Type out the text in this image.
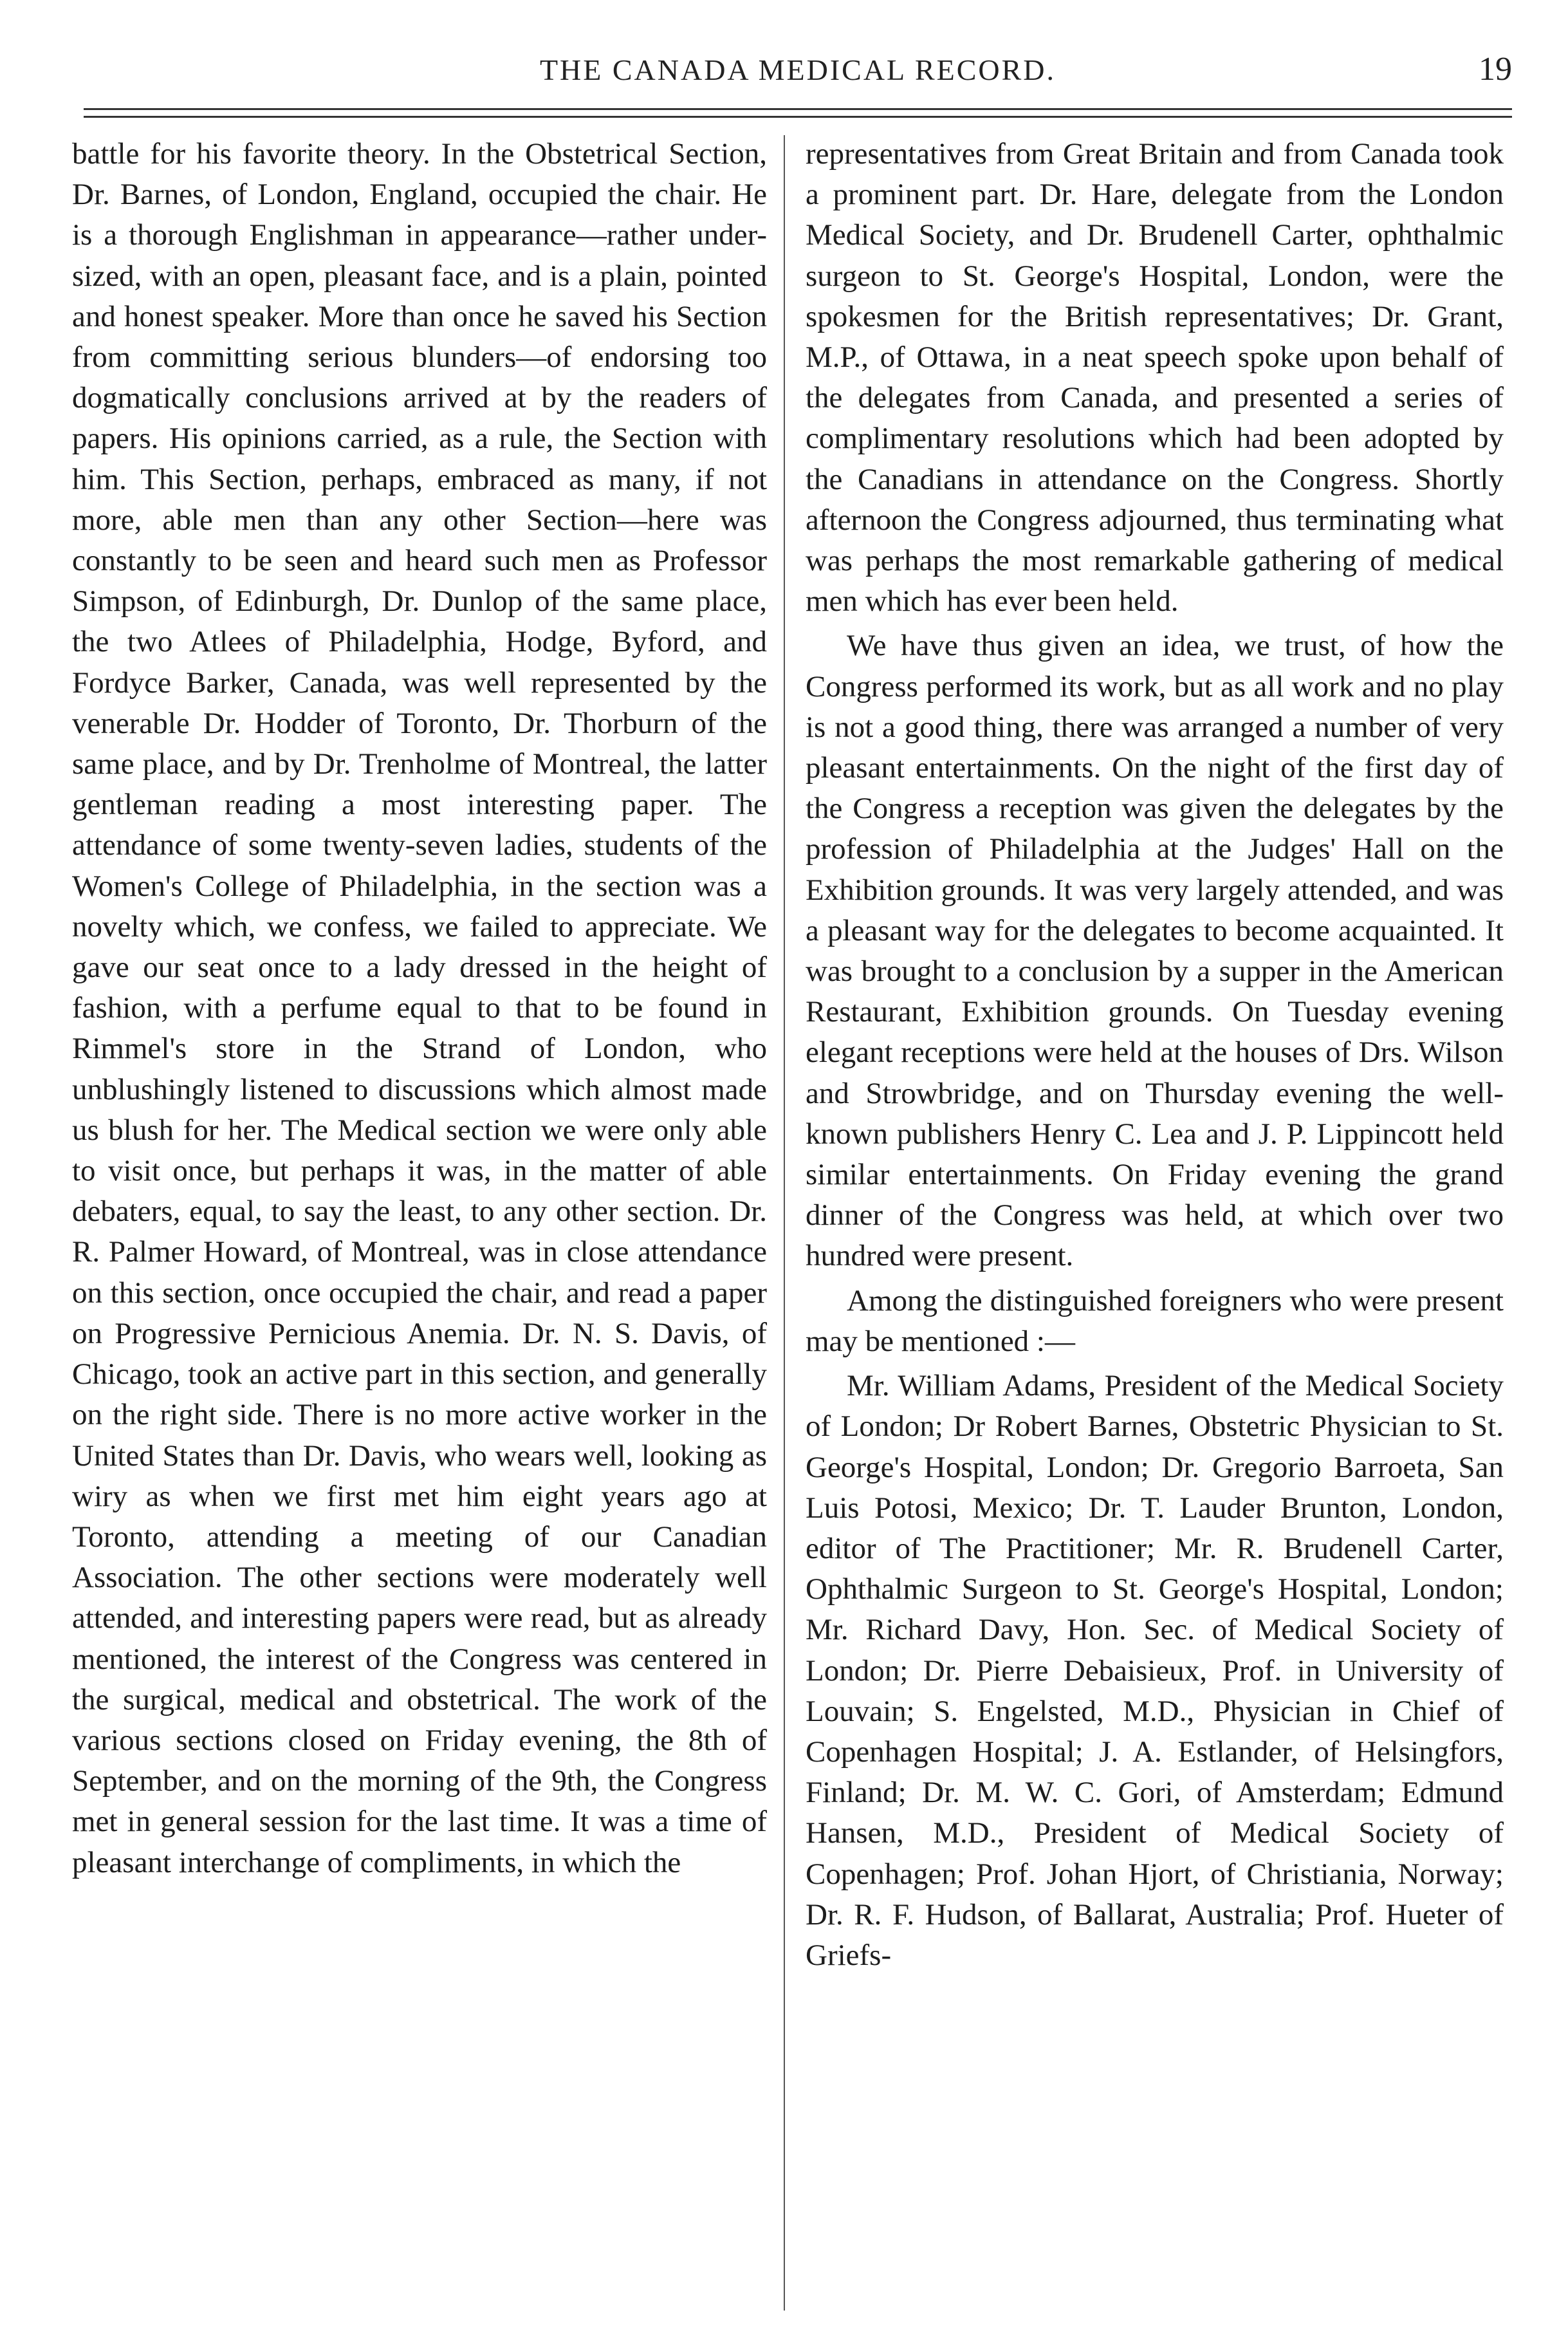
THE CANADA MEDICAL RECORD.	19

battle for his favorite theory. In the Obstetrical Section, Dr. Barnes, of London, England, occupied the chair. He is a thorough Englishman in appearance—rather under-sized, with an open, pleasant face, and is a plain, pointed and honest speaker. More than once he saved his Section from committing serious blunders—of endorsing too dogmatically conclusions arrived at by the readers of papers. His opinions carried, as a rule, the Section with him. This Section, perhaps, embraced as many, if not more, able men than any other Section—here was constantly to be seen and heard such men as Professor Simpson, of Edinburgh, Dr. Dunlop of the same place, the two Atlees of Philadelphia, Hodge, Byford, and Fordyce Barker, Canada, was well represented by the venerable Dr. Hodder of Toronto, Dr. Thorburn of the same place, and by Dr. Trenholme of Montreal, the latter gentleman reading a most interesting paper. The attendance of some twenty-seven ladies, students of the Women's College of Philadelphia, in the section was a novelty which, we confess, we failed to appreciate. We gave our seat once to a lady dressed in the height of fashion, with a perfume equal to that to be found in Rimmel's store in the Strand of London, who unblushingly listened to discussions which almost made us blush for her. The Medical section we were only able to visit once, but perhaps it was, in the matter of able debaters, equal, to say the least, to any other section. Dr. R. Palmer Howard, of Montreal, was in close attendance on this section, once occupied the chair, and read a paper on Progressive Pernicious Anemia. Dr. N. S. Davis, of Chicago, took an active part in this section, and generally on the right side. There is no more active worker in the United States than Dr. Davis, who wears well, looking as wiry as when we first met him eight years ago at Toronto, attending a meeting of our Canadian Association. The other sections were moderately well attended, and interesting papers were read, but as already mentioned, the interest of the Congress was centered in the surgical, medical and obstetrical. The work of the various sections closed on Friday evening, the 8th of September, and on the morning of the 9th, the Congress met in general session for the last time. It was a time of pleasant interchange of compliments, in which the

representatives from Great Britain and from Canada took a prominent part. Dr. Hare, delegate from the London Medical Society, and Dr. Brudenell Carter, ophthalmic surgeon to St. George's Hospital, London, were the spokesmen for the British representatives; Dr. Grant, M.P., of Ottawa, in a neat speech spoke upon behalf of the delegates from Canada, and presented a series of complimentary resolutions which had been adopted by the Canadians in attendance on the Congress. Shortly afternoon the Congress adjourned, thus terminating what was perhaps the most remarkable gathering of medical men which has ever been held.

We have thus given an idea, we trust, of how the Congress performed its work, but as all work and no play is not a good thing, there was arranged a number of very pleasant entertainments. On the night of the first day of the Congress a reception was given the delegates by the profession of Philadelphia at the Judges' Hall on the Exhibition grounds. It was very largely attended, and was a pleasant way for the delegates to become acquainted. It was brought to a conclusion by a supper in the American Restaurant, Exhibition grounds. On Tuesday evening elegant receptions were held at the houses of Drs. Wilson and Strowbridge, and on Thursday evening the well-known publishers Henry C. Lea and J. P. Lippincott held similar entertainments. On Friday evening the grand dinner of the Congress was held, at which over two hundred were present.

Among the distinguished foreigners who were present may be mentioned :—

Mr. William Adams, President of the Medical Society of London; Dr Robert Barnes, Obstetric Physician to St. George's Hospital, London; Dr. Gregorio Barroeta, San Luis Potosi, Mexico; Dr. T. Lauder Brunton, London, editor of The Practitioner; Mr. R. Brudenell Carter, Ophthalmic Surgeon to St. George's Hospital, London; Mr. Richard Davy, Hon. Sec. of Medical Society of London; Dr. Pierre Debaisieux, Prof. in University of Louvain; S. Engelsted, M.D., Physician in Chief of Copenhagen Hospital; J. A. Estlander, of Helsingfors, Finland; Dr. M. W. C. Gori, of Amsterdam; Edmund Hansen, M.D., President of Medical Society of Copenhagen; Prof. Johan Hjort, of Christiania, Norway; Dr. R. F. Hudson, of Ballarat, Australia; Prof. Hueter of Griefs-
